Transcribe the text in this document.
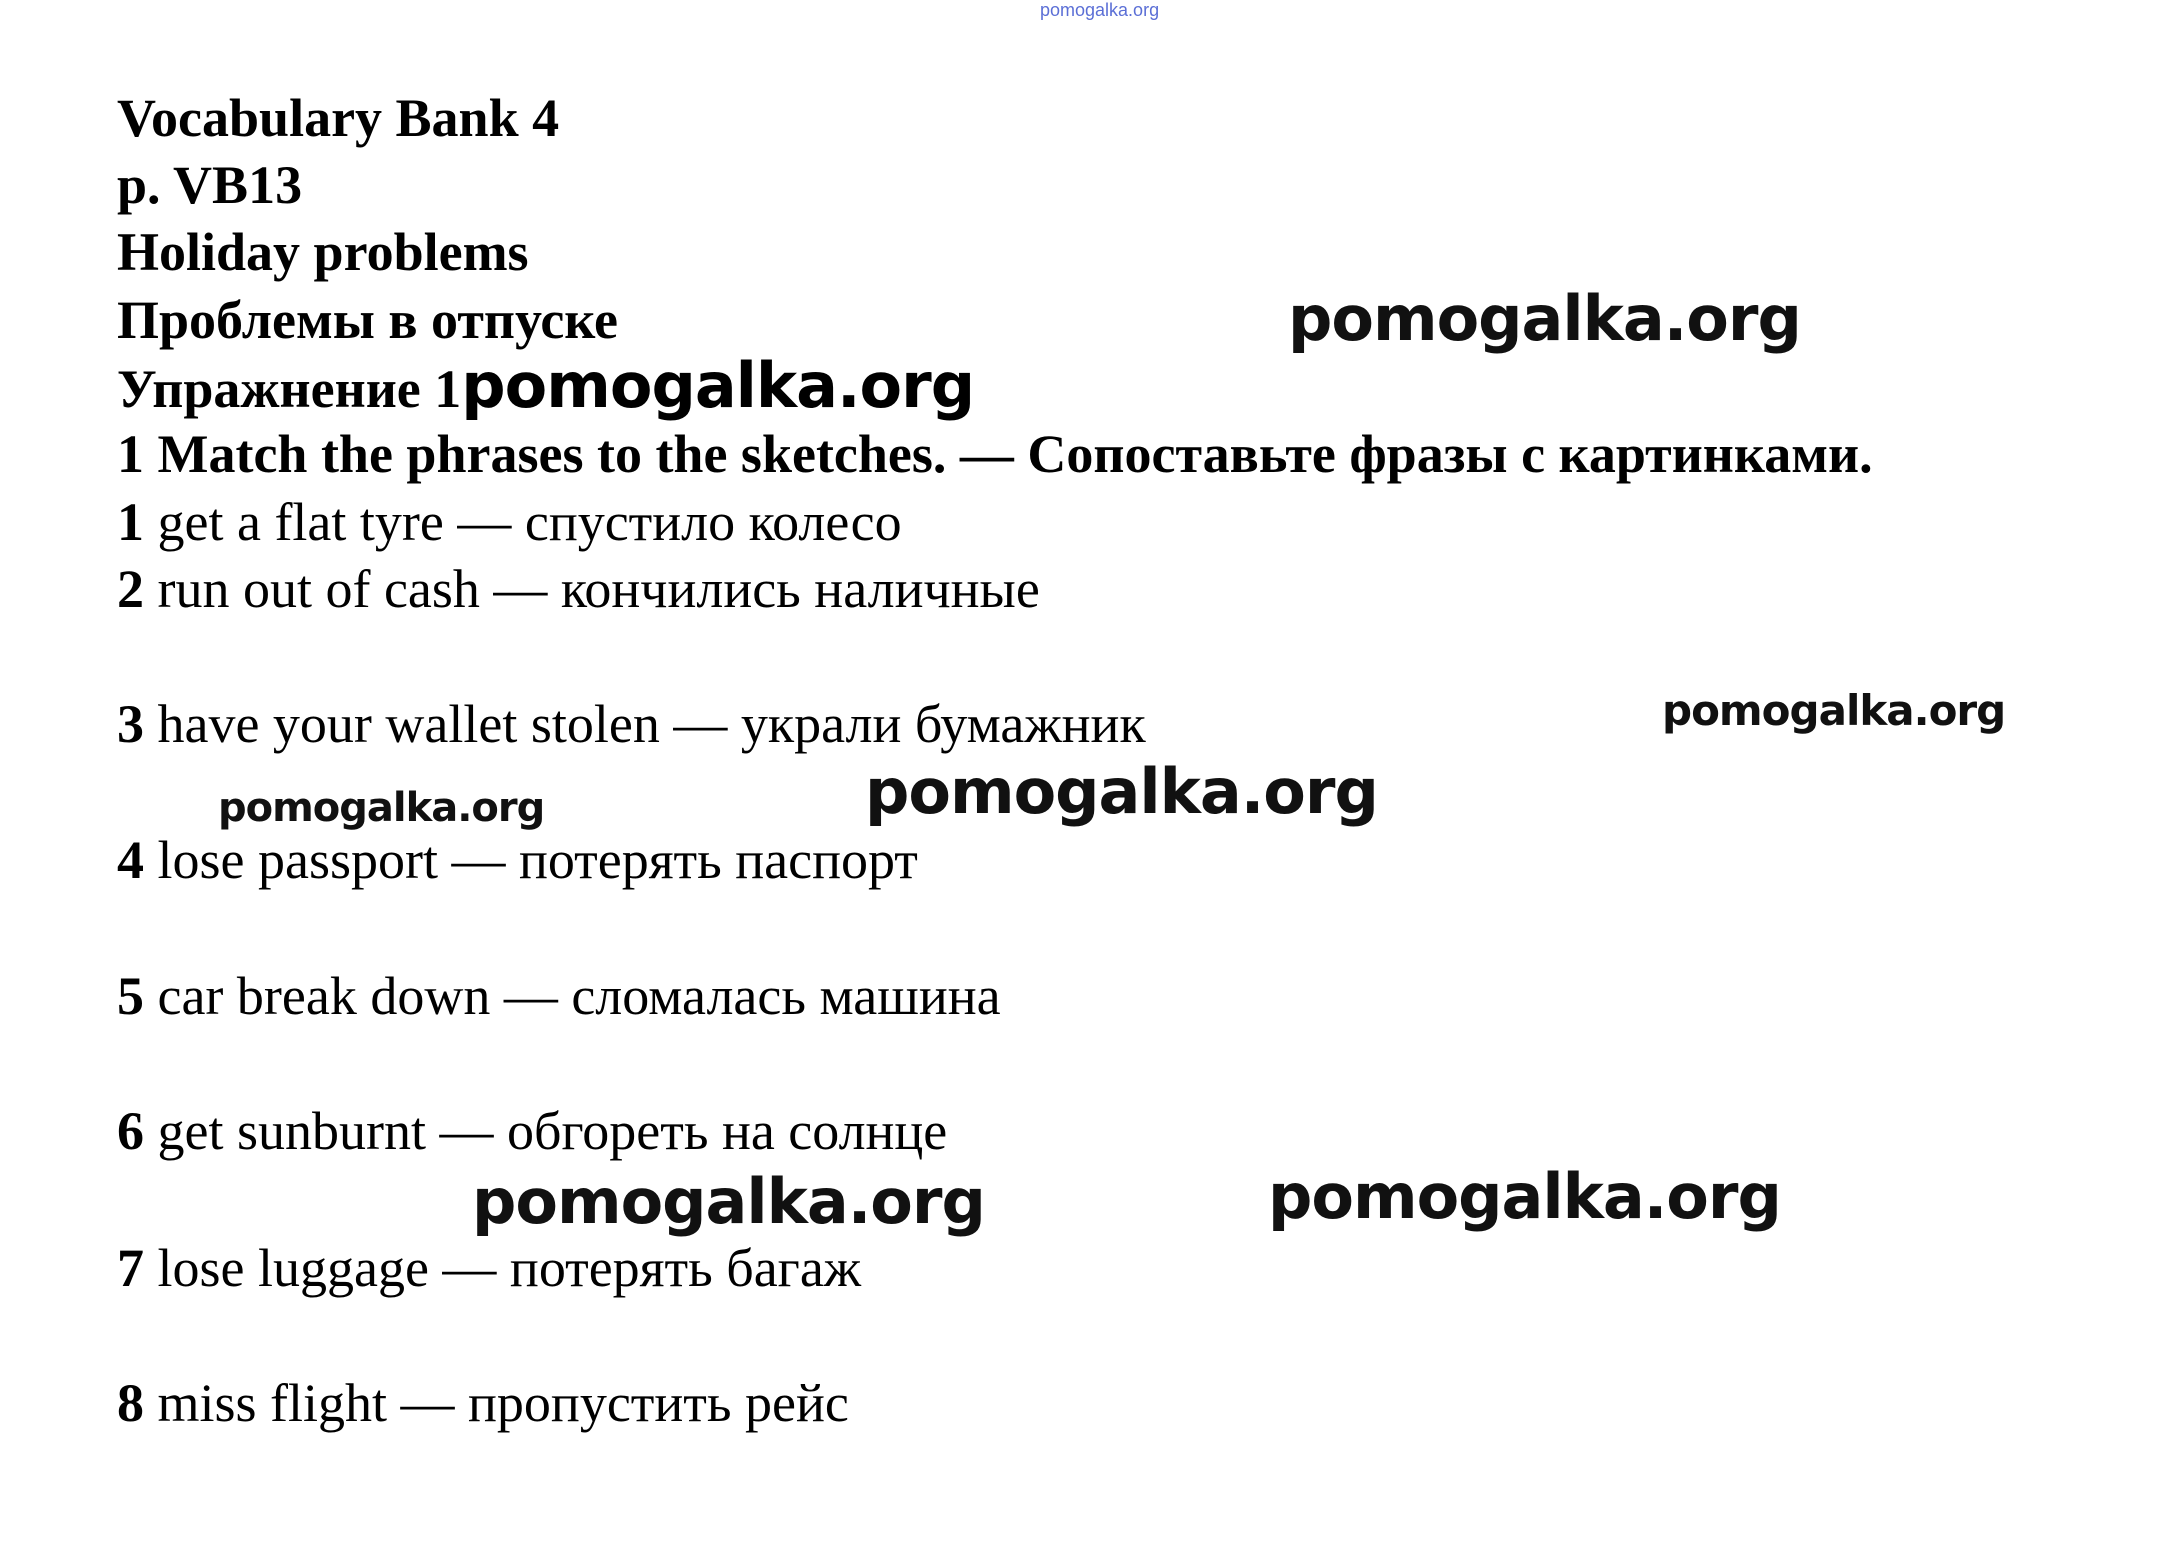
pomogalka.org
Vocabulary Bank 4
p. VB13
Holiday problems
Проблемы в отпуске
Упражнение 1pomogalka.org
1 Match the phrases to the sketches. — Сопоставьте фразы с картинками.
1 get a flat tyre — спустило колесо
2 run out of cash — кончились наличные
3 have your wallet stolen — украли бумажник
4 lose passport — потерять паспорт
5 car break down — сломалась машина
6 get sunburnt — обгореть на солнце
7 lose luggage — потерять багаж
8 miss flight — пропустить рейс
pomogalka.org
pomogalka.org
pomogalka.org
pomogalka.org
pomogalka.org	pomogalka.org
